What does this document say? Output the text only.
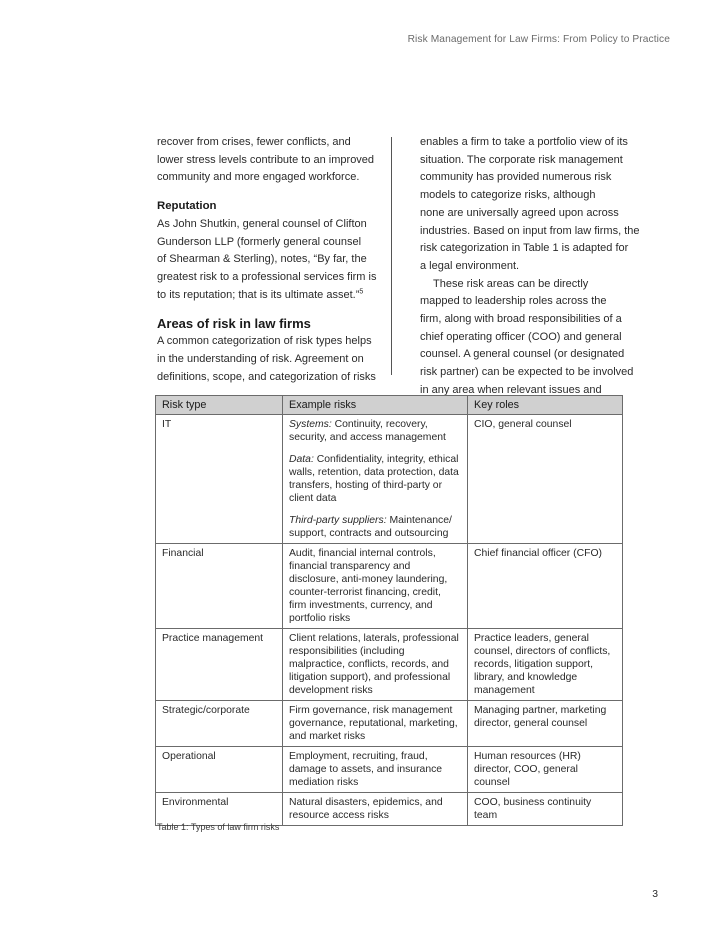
Risk Management for Law Firms: From Policy to Practice

recover from crises, fewer conflicts, and
lower stress levels contribute to an improved
community and more engaged workforce.

Reputation

As John Shutkin, general counsel of Clifton
Gunderson LLP (formerly general counsel
of Shearman & Sterling), notes, “By far, the
greatest risk to a professional services firm is
to its reputation; that is its ultimate asset.”$^5$

Areas of risk in law firms

A common categorization of risk types helps
in the understanding of risk. Agreement on
definitions, scope, and categorization of risks

enables a firm to take a portfolio view of its
situation. The corporate risk management
community has provided numerous risk
models to categorize risks, although
none are universally agreed upon across
industries. Based on input from law firms, the
risk categorization in Table 1 is adapted for
a legal environment.

These risk areas can be directly
mapped to leadership roles across the
firm, along with broad responsibilities of a
chief operating officer (COO) and general
counsel. A general counsel (or designated
risk partner) can be expected to be involved
in any area when relevant issues and

Risk type	Example risks	Key roles
IT	Systems: Continuity, recovery, security, and access management
Data: Confidentiality, integrity, ethical walls, retention, data protection, data transfers, hosting of third-party or client data
Third-party suppliers: Maintenance/ support, contracts and outsourcing	CIO, general counsel
Financial	Audit, financial internal controls, financial transparency and disclosure, anti-money laundering, counter-terrorist financing, credit, firm investments, currency, and portfolio risks	Chief financial officer (CFO)
Practice management	Client relations, laterals, professional responsibilities (including malpractice, conflicts, records, and litigation support), and professional development risks	Practice leaders, general counsel, directors of conflicts, records, litigation support, library, and knowledge management
Strategic/corporate	Firm governance, risk management governance, reputational, marketing, and market risks	Managing partner, marketing director, general counsel
Operational	Employment, recruiting, fraud, damage to assets, and insurance mediation risks	Human resources (HR) director, COO, general counsel
Environmental	Natural disasters, epidemics, and resource access risks	COO, business continuity team
Table 1: Types of law firm risks
3
